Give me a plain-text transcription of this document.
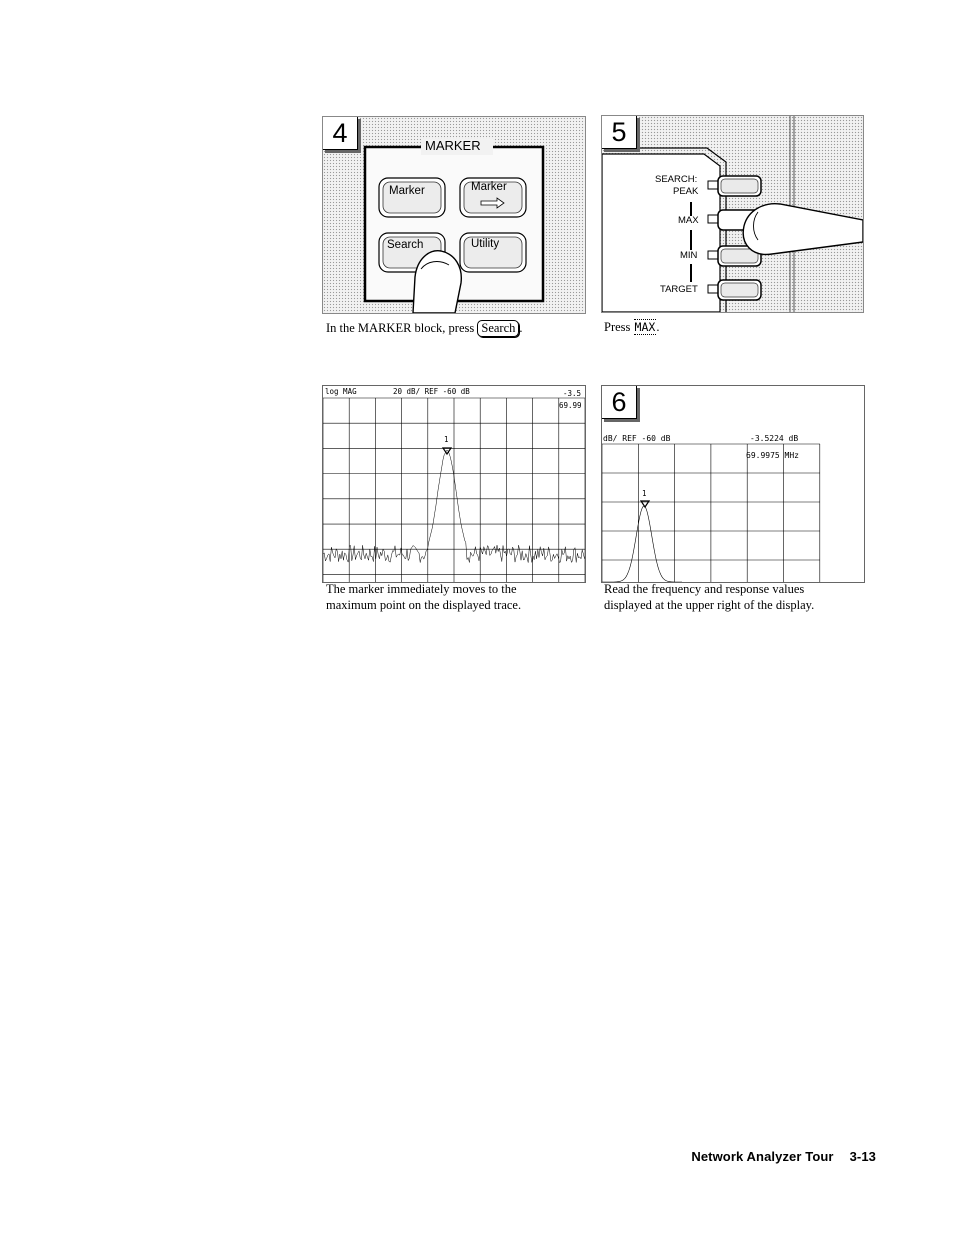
MARKER
Marker	Marker
Search	Utility
4
In the MARKER block, press Search .
SEARCH:
PEAK
MAX
MIN
TARGET
5
Press MAX.
log MAG	20 dB/ REF -60 dB	-3.5
69.99
1
The marker immediately moves to the
maximum point on the displayed trace.
dB/ REF -60 dB	-3.5224 dB
69.9975 MHz
1
6
Read the frequency and response values
displayed at the upper right of the display.
Network Analyzer Tour 3-13
